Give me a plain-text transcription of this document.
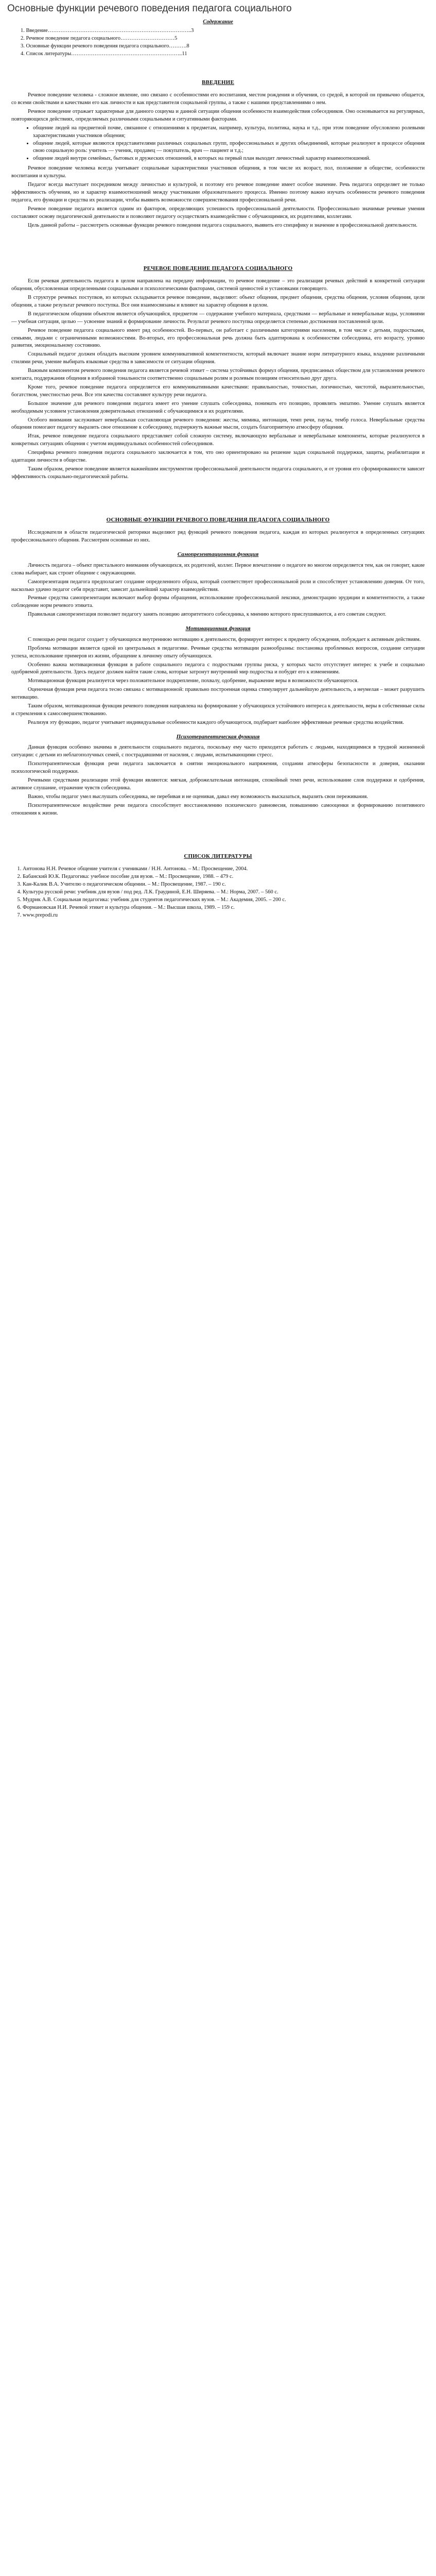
Основные функции речевого поведения педагога социального
Содержание
1. Введение……………………………………………………………………..3
2. Речевое поведение педагога социального…………………………5
3. Основные функции речевого поведения педагога социального……….8
4. Список литературы……………………………………………………..11
ВВЕДЕНИЕ

Речевое поведение человека - сложное явление, оно связано с особенностями его воспитания, местом рождения и обучения, со средой, в которой он привычно общается, со всеми свойствами и качествами его как личности и как представителя социальной группы, а также с нашими представлениями о нем.

Речевое поведение отражает характерные для данного социума и данной ситуации общения особенности взаимодействия собеседников. Оно основывается на регулярных, повторяющихся действиях, определяемых различными социальными и ситуативными факторами.

• общение людей на предметной почве, связанное с отношениями к предметам, например, культура, политика, наука и т.д., при этом поведение обусловлено ролевыми характеристиками участников общения;
• общение людей, которые являются представителями различных социальных групп, профессиональных и других объединений, которые реализуют в процессе общения свою социальную роль: учитель — ученик, продавец — покупатель, врач — пациент и т.д.;
• общение людей внутри семейных, бытовых и дружеских отношений, в которых на первый план выходит личностный характер взаимоотношений.

Речевое поведение человека всегда учитывает социальные характеристики участников общения, в том числе их возраст, пол, положение в обществе, особенности воспитания и культуры.

Педагог всегда выступает посредником между личностью и культурой, и поэтому его речевое поведение имеет особое значение. Речь педагога определяет не только эффективность обучения, но и характер взаимоотношений между участниками образовательного процесса. Именно поэтому важно изучать особенности речевого поведения педагога, его функции и средства их реализации, чтобы выявить возможности совершенствования профессиональной речи.

Речевое поведение педагога является одним из факторов, определяющих успешность профессиональной деятельности. Профессионально значимые речевые умения составляют основу педагогической деятельности и позволяют педагогу осуществлять взаимодействие с обучающимися, их родителями, коллегами.

Цель данной работы – рассмотреть основные функции речевого поведения педагога социального, выявить его специфику и значение в профессиональной деятельности.

РЕЧЕВОЕ ПОВЕДЕНИЕ ПЕДАГОГА СОЦИАЛЬНОГО

Если речевая деятельность педагога в целом направлена на передачу информации, то речевое поведение – это реализация речевых действий в конкретной ситуации общения, обусловленная определенными социальными и психологическими факторами, системой ценностей и установками говорящего.

В структуре речевых поступков, из которых складывается речевое поведение, выделяют: объект общения, предмет общения, средства общения, условия общения, цели общения, а также результат речевого поступка. Все они взаимосвязаны и влияют на характер общения в целом.

В педагогическом общении объектом является обучающийся, предметом — содержание учебного материала, средствами — вербальные и невербальные коды, условиями — учебная ситуация, целью — усвоение знаний и формирование личности. Результат речевого поступка определяется степенью достижения поставленной цели.

Речевое поведение педагога социального имеет ряд особенностей. Во-первых, он работает с различными категориями населения, в том числе с детьми, подростками, семьями, людьми с ограниченными возможностями. Во-вторых, его профессиональная речь должна быть адаптирована к особенностям собеседника, его возрасту, уровню развития, эмоциональному состоянию.

Социальный педагог должен обладать высоким уровнем коммуникативной компетентности, который включает знание норм литературного языка, владение различными стилями речи, умение выбирать языковые средства в зависимости от ситуации общения.

Важным компонентом речевого поведения педагога является речевой этикет – система устойчивых формул общения, предписанных обществом для установления речевого контакта, поддержания общения в избранной тональности соответственно социальным ролям и ролевым позициям относительно друг друга.

Кроме того, речевое поведение педагога определяется его коммуникативными качествами: правильностью, точностью, логичностью, чистотой, выразительностью, богатством, уместностью речи. Все эти качества составляют культуру речи педагога.

Большое значение для речевого поведения педагога имеет его умение слушать собеседника, понимать его позицию, проявлять эмпатию. Умение слушать является необходимым условием установления доверительных отношений с обучающимися и их родителями.

Особого внимания заслуживает невербальная составляющая речевого поведения: жесты, мимика, интонация, темп речи, паузы, тембр голоса. Невербальные средства общения помогают педагогу выразить свое отношение к собеседнику, подчеркнуть важные мысли, создать благоприятную атмосферу общения.

Итак, речевое поведение педагога социального представляет собой сложную систему, включающую вербальные и невербальные компоненты, которые реализуются в конкретных ситуациях общения с учетом индивидуальных особенностей собеседников.

Специфика речевого поведения педагога социального заключается в том, что оно ориентировано на решение задач социальной поддержки, защиты, реабилитации и адаптации личности в обществе.

Таким образом, речевое поведение является важнейшим инструментом профессиональной деятельности педагога социального, и от уровня его сформированности зависит эффективность социально-педагогической работы.

ОСНОВНЫЕ ФУНКЦИИ РЕЧЕВОГО ПОВЕДЕНИЯ ПЕДАГОГА СОЦИАЛЬНОГО

Исследователи в области педагогической риторики выделяют ряд функций речевого поведения педагога, каждая из которых реализуется в определенных ситуациях профессионального общения. Рассмотрим основные из них.

Самопрезентационная функция

Личность педагога – объект пристального внимания обучающихся, их родителей, коллег. Первое впечатление о педагоге во многом определяется тем, как он говорит, какие слова выбирает, как строит общение с окружающими.

Самопрезентация педагога предполагает создание определенного образа, который соответствует профессиональной роли и способствует установлению доверия. От того, насколько удачно педагог себя представит, зависит дальнейший характер взаимодействия.

Речевые средства самопрезентации включают выбор формы обращения, использование профессиональной лексики, демонстрацию эрудиции и компетентности, а также соблюдение норм речевого этикета.

Правильная самопрезентация позволяет педагогу занять позицию авторитетного собеседника, к мнению которого прислушиваются, а его советам следуют.

Мотивационная функция

С помощью речи педагог создает у обучающихся внутреннюю мотивацию к деятельности, формирует интерес к предмету обсуждения, побуждает к активным действиям.

Проблема мотивации является одной из центральных в педагогике. Речевые средства мотивации разнообразны: постановка проблемных вопросов, создание ситуации успеха, использование примеров из жизни, обращение к личному опыту обучающихся.

Особенно важна мотивационная функция в работе социального педагога с подростками группы риска, у которых часто отсутствует интерес к учебе и социально одобряемой деятельности. Здесь педагог должен найти такие слова, которые затронут внутренний мир подростка и побудят его к изменениям.

Мотивационная функция реализуется через положительное подкрепление, похвалу, одобрение, выражение веры в возможности обучающегося.

Оценочная функция речи педагога тесно связана с мотивационной: правильно построенная оценка стимулирует дальнейшую деятельность, а неумелая – может разрушить мотивацию.

Таким образом, мотивационная функция речевого поведения направлена на формирование у обучающихся устойчивого интереса к деятельности, веры в собственные силы и стремления к самосовершенствованию.

Реализуя эту функцию, педагог учитывает индивидуальные особенности каждого обучающегося, подбирает наиболее эффективные речевые средства воздействия.

Психотерапевтическая функция

Данная функция особенно значима в деятельности социального педагога, поскольку ему часто приходится работать с людьми, находящимися в трудной жизненной ситуации: с детьми из неблагополучных семей, с пострадавшими от насилия, с людьми, испытывающими стресс.

Психотерапевтическая функция речи педагога заключается в снятии эмоционального напряжения, создании атмосферы безопасности и доверия, оказании психологической поддержки.

Речевыми средствами реализации этой функции являются: мягкая, доброжелательная интонация, спокойный темп речи, использование слов поддержки и одобрения, активное слушание, отражение чувств собеседника.

Важно, чтобы педагог умел выслушать собеседника, не перебивая и не оценивая, давал ему возможность высказаться, выразить свои переживания.

Психотерапевтическое воздействие речи педагога способствует восстановлению психического равновесия, повышению самооценки и формированию позитивного отношения к жизни.

СПИСОК ЛИТЕРАТУРЫ
1. Антонова Н.Н. Речевое общение учителя с учениками / Н.Н. Антонова. – М.: Просвещение, 2004.
2. Бабанский Ю.К. Педагогика: учебное пособие для вузов. – М.: Просвещение, 1988. – 479 с.
3. Кан-Калик В.А. Учителю о педагогическом общении. – М.: Просвещение, 1987. – 190 с.
4. Культура русской речи: учебник для вузов / под ред. Л.К. Граудиной, Е.Н. Ширяева. – М.: Норма, 2007. – 560 с.
5. Мудрик А.В. Социальная педагогика: учебник для студентов педагогических вузов. – М.: Академия, 2005. – 200 с.
6. Формановская Н.И. Речевой этикет и культура общения. – М.: Высшая школа, 1989. – 159 с.
7. www.prepodi.ru
